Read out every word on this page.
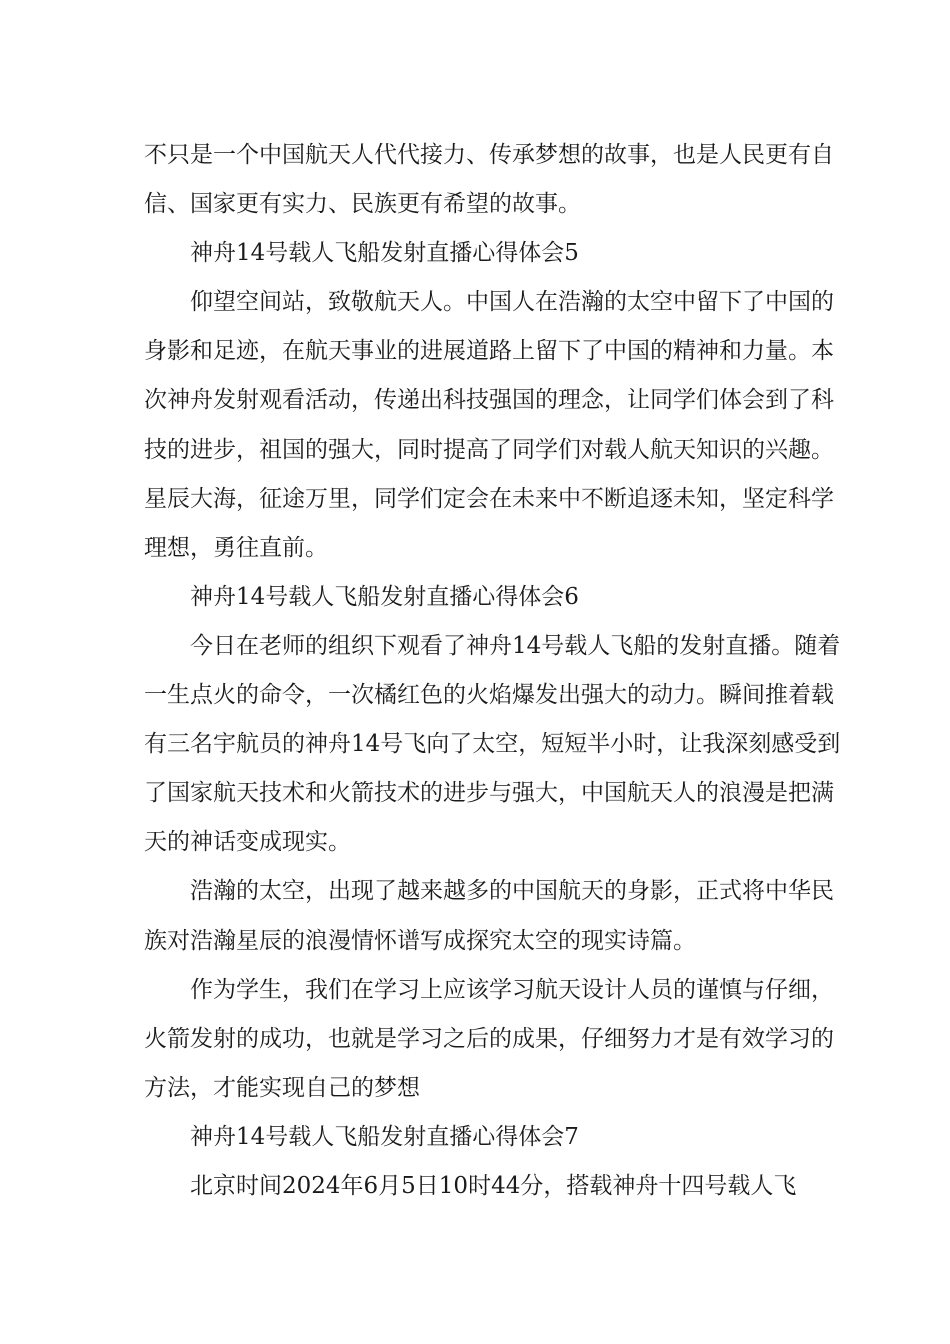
不只是一个中国航天人代代接力、传承梦想的故事，也是人民更有自信、国家更有实力、民族更有希望的故事。

神舟14号载人飞船发射直播心得体会5

仰望空间站，致敬航天人。中国人在浩瀚的太空中留下了中国的身影和足迹，在航天事业的进展道路上留下了中国的精神和力量。本次神舟发射观看活动，传递出科技强国的理念，让同学们体会到了科技的进步，祖国的强大，同时提高了同学们对载人航天知识的兴趣。星辰大海，征途万里，同学们定会在未来中不断追逐未知，坚定科学理想，勇往直前。

神舟14号载人飞船发射直播心得体会6

今日在老师的组织下观看了神舟14号载人飞船的发射直播。随着一生点火的命令，一次橘红色的火焰爆发出强大的动力。瞬间推着载有三名宇航员的神舟14号飞向了太空，短短半小时，让我深刻感受到了国家航天技术和火箭技术的进步与强大，中国航天人的浪漫是把满天的神话变成现实。

浩瀚的太空，出现了越来越多的中国航天的身影，正式将中华民族对浩瀚星辰的浪漫情怀谱写成探究太空的现实诗篇。

作为学生，我们在学习上应该学习航天设计人员的谨慎与仔细，火箭发射的成功，也就是学习之后的成果，仔细努力才是有效学习的方法，才能实现自己的梦想

神舟14号载人飞船发射直播心得体会7

北京时间2024年6月5日10时44分，搭载神舟十四号载人飞
